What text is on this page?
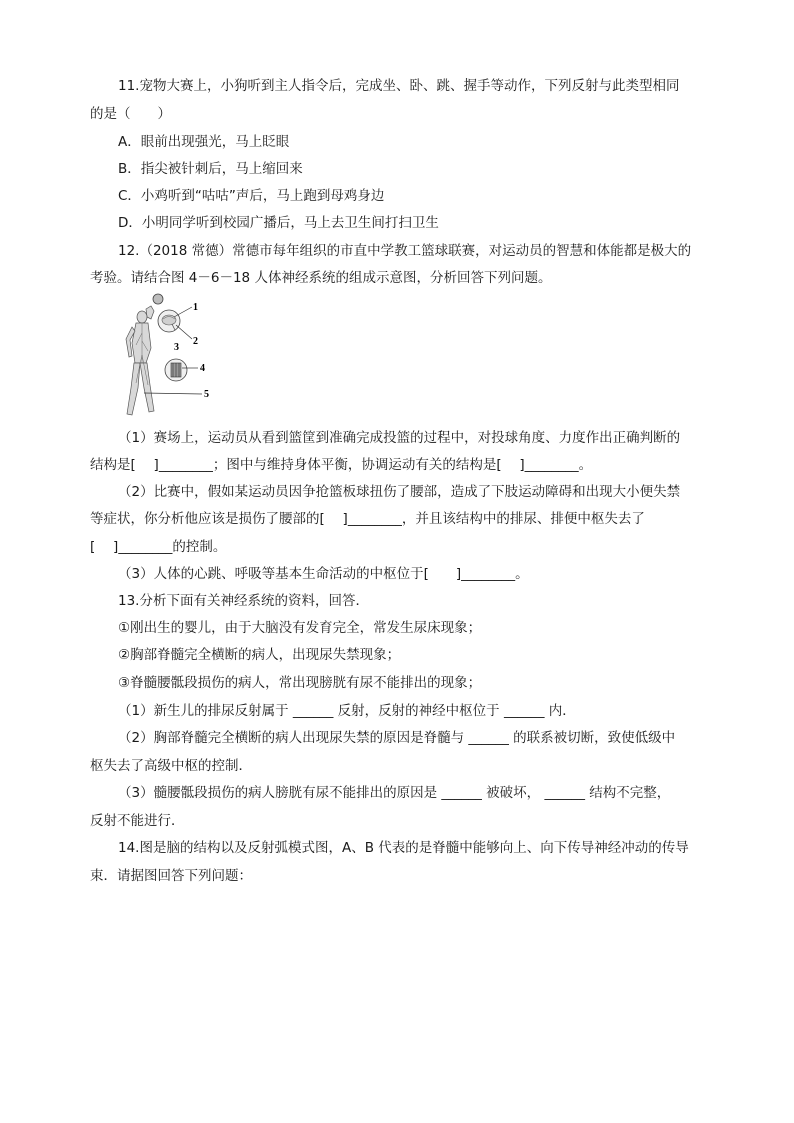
11.宠物大赛上，小狗听到主人指令后，完成坐、卧、跳、握手等动作，下列反射与此类型相同
的是（　　）
A．眼前出现强光，马上眨眼
B．指尖被针刺后，马上缩回来
C．小鸡听到“咕咕”声后，马上跑到母鸡身边
D．小明同学听到校园广播后，马上去卫生间打扫卫生
12.（2018 常德）常德市每年组织的市直中学教工篮球联赛，对运动员的智慧和体能都是极大的
考验。请结合图 4－6－18 人体神经系统的组成示意图，分析回答下列问题。
1
2
3
4
5
（1）赛场上，运动员从看到篮筐到准确完成投篮的过程中，对投球角度、力度作出正确判断的
结构是[　 ]________；图中与维持身体平衡，协调运动有关的结构是[　 ]________。
（2）比赛中，假如某运动员因争抢篮板球扭伤了腰部，造成了下肢运动障碍和出现大小便失禁
等症状，你分析他应该是损伤了腰部的[　 ]________，并且该结构中的排尿、排便中枢失去了
[　 ]________的控制。
（3）人体的心跳、呼吸等基本生命活动的中枢位于[　　]________。
13.分析下面有关神经系统的资料，回答．
①刚出生的婴儿，由于大脑没有发育完全，常发生尿床现象；
②胸部脊髓完全横断的病人，出现尿失禁现象；
③脊髓腰骶段损伤的病人，常出现膀胱有尿不能排出的现象；
（1）新生儿的排尿反射属于 ______ 反射，反射的神经中枢位于 ______ 内．
（2）胸部脊髓完全横断的病人出现尿失禁的原因是脊髓与 ______ 的联系被切断，致使低级中
枢失去了高级中枢的控制．
（3）髓腰骶段损伤的病人膀胱有尿不能排出的原因是 ______ 被破坏， ______ 结构不完整，
反射不能进行．
14.图是脑的结构以及反射弧模式图，A、B 代表的是脊髓中能够向上、向下传导神经冲动的传导
束．请据图回答下列问题：
